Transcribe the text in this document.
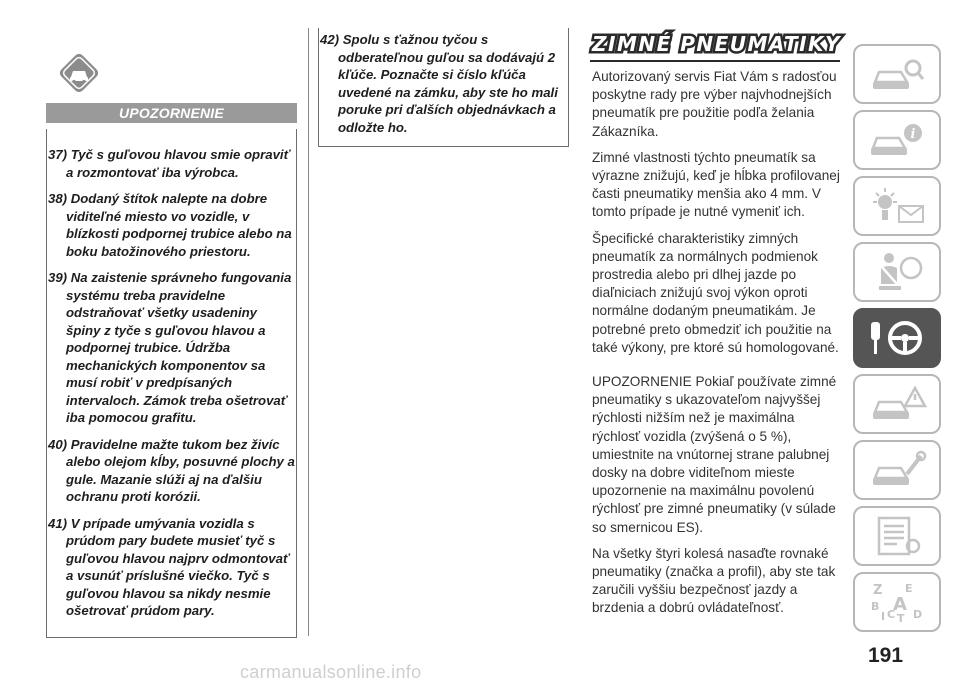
UPOZORNENIE

37) Tyč s guľovou hlavou smie opraviť a rozmontovať iba výrobca.

38) Dodaný štítok nalepte na dobre viditeľné miesto vo vozidle, v blízkosti podpornej trubice alebo na boku batožinového priestoru.

39) Na zaistenie správneho fungovania systému treba pravidelne odstraňovať všetky usadeniny špiny z tyče s guľovou hlavou a podpornej trubice. Údržba mechanických komponentov sa musí robiť v predpísaných intervaloch. Zámok treba ošetrovať iba pomocou grafitu.

40) Pravidelne mažte tukom bez živíc alebo olejom kĺby, posuvné plochy a gule. Mazanie slúži aj na ďalšiu ochranu proti korózii.

41) V prípade umývania vozidla s prúdom pary budete musieť tyč s guľovou hlavou najprv odmontovať a vsunúť príslušné viečko. Tyč s guľovou hlavou sa nikdy nesmie ošetrovať prúdom pary.

42) Spolu s ťažnou tyčou s odberateľnou guľou sa dodávajú 2 kľúče. Poznačte si číslo kľúča uvedené na zámku, aby ste ho mali poruke pri ďalších objednávkach a odložte ho.

ZIMNÉ PNEUMATIKY

Autorizovaný servis Fiat Vám s radosťou poskytne rady pre výber najvhodnejších pneumatík pre použitie podľa želania Zákazníka.

Zimné vlastnosti týchto pneumatík sa výrazne znižujú, keď je hĺbka profilovanej časti pneumatiky menšia ako 4 mm. V tomto prípade je nutné vymeniť ich.

Špecifické charakteristiky zimných pneumatík za normálnych podmienok prostredia alebo pri dlhej jazde po diaľniciach znižujú svoj výkon oproti normálne dodaným pneumatikám. Je potrebné preto obmedziť ich použitie na také výkony, pre ktoré sú homologované.

UPOZORNENIE Pokiaľ používate zimné pneumatiky s ukazovateľom najvyššej rýchlosti nižším než je maximálna rýchlosť vozidla (zvýšená o 5 %), umiestnite na vnútornej strane palubnej dosky na dobre viditeľnom mieste upozornenie na maximálnu povolenú rýchlosť pre zimné pneumatiky (v súlade so smernicou ES).

Na všetky štyri kolesá nasaďte rovnaké pneumatiky (značka a profil), aby ste tak zaručili vyššiu bezpečnosť jazdy a brzdenia a dobrú ovládateľnosť.

i
Z E
B A
I C T D
191
carmanualsonline.info
